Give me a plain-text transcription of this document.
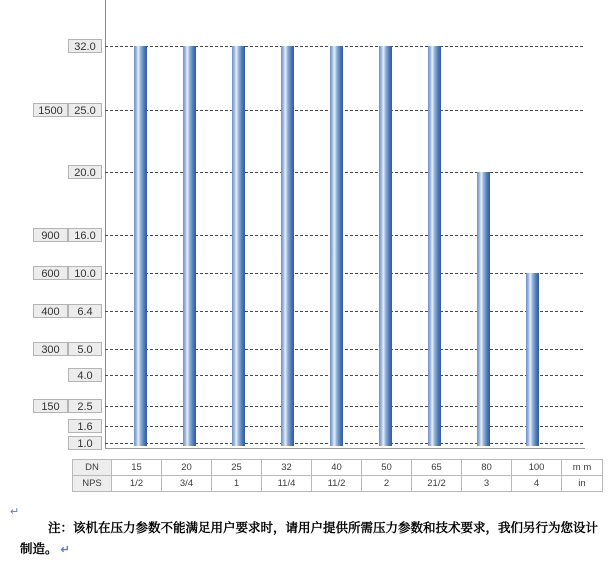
32.0
1500	25.0
20.0
900	16.0
600	10.0
400	6.4
300	5.0
4.0
150	2.5
1.6
1.0
DN	15	20	25	32	40	50	65	80	100	m m
NPS	1/2	3/4	1	11/4	11/2	2	21/2	3	4	in
↵
注：该机在压力参数不能满足用户要求时，请用户提供所需压力参数和技术要求，我们另行为您设计制造。 ↵
